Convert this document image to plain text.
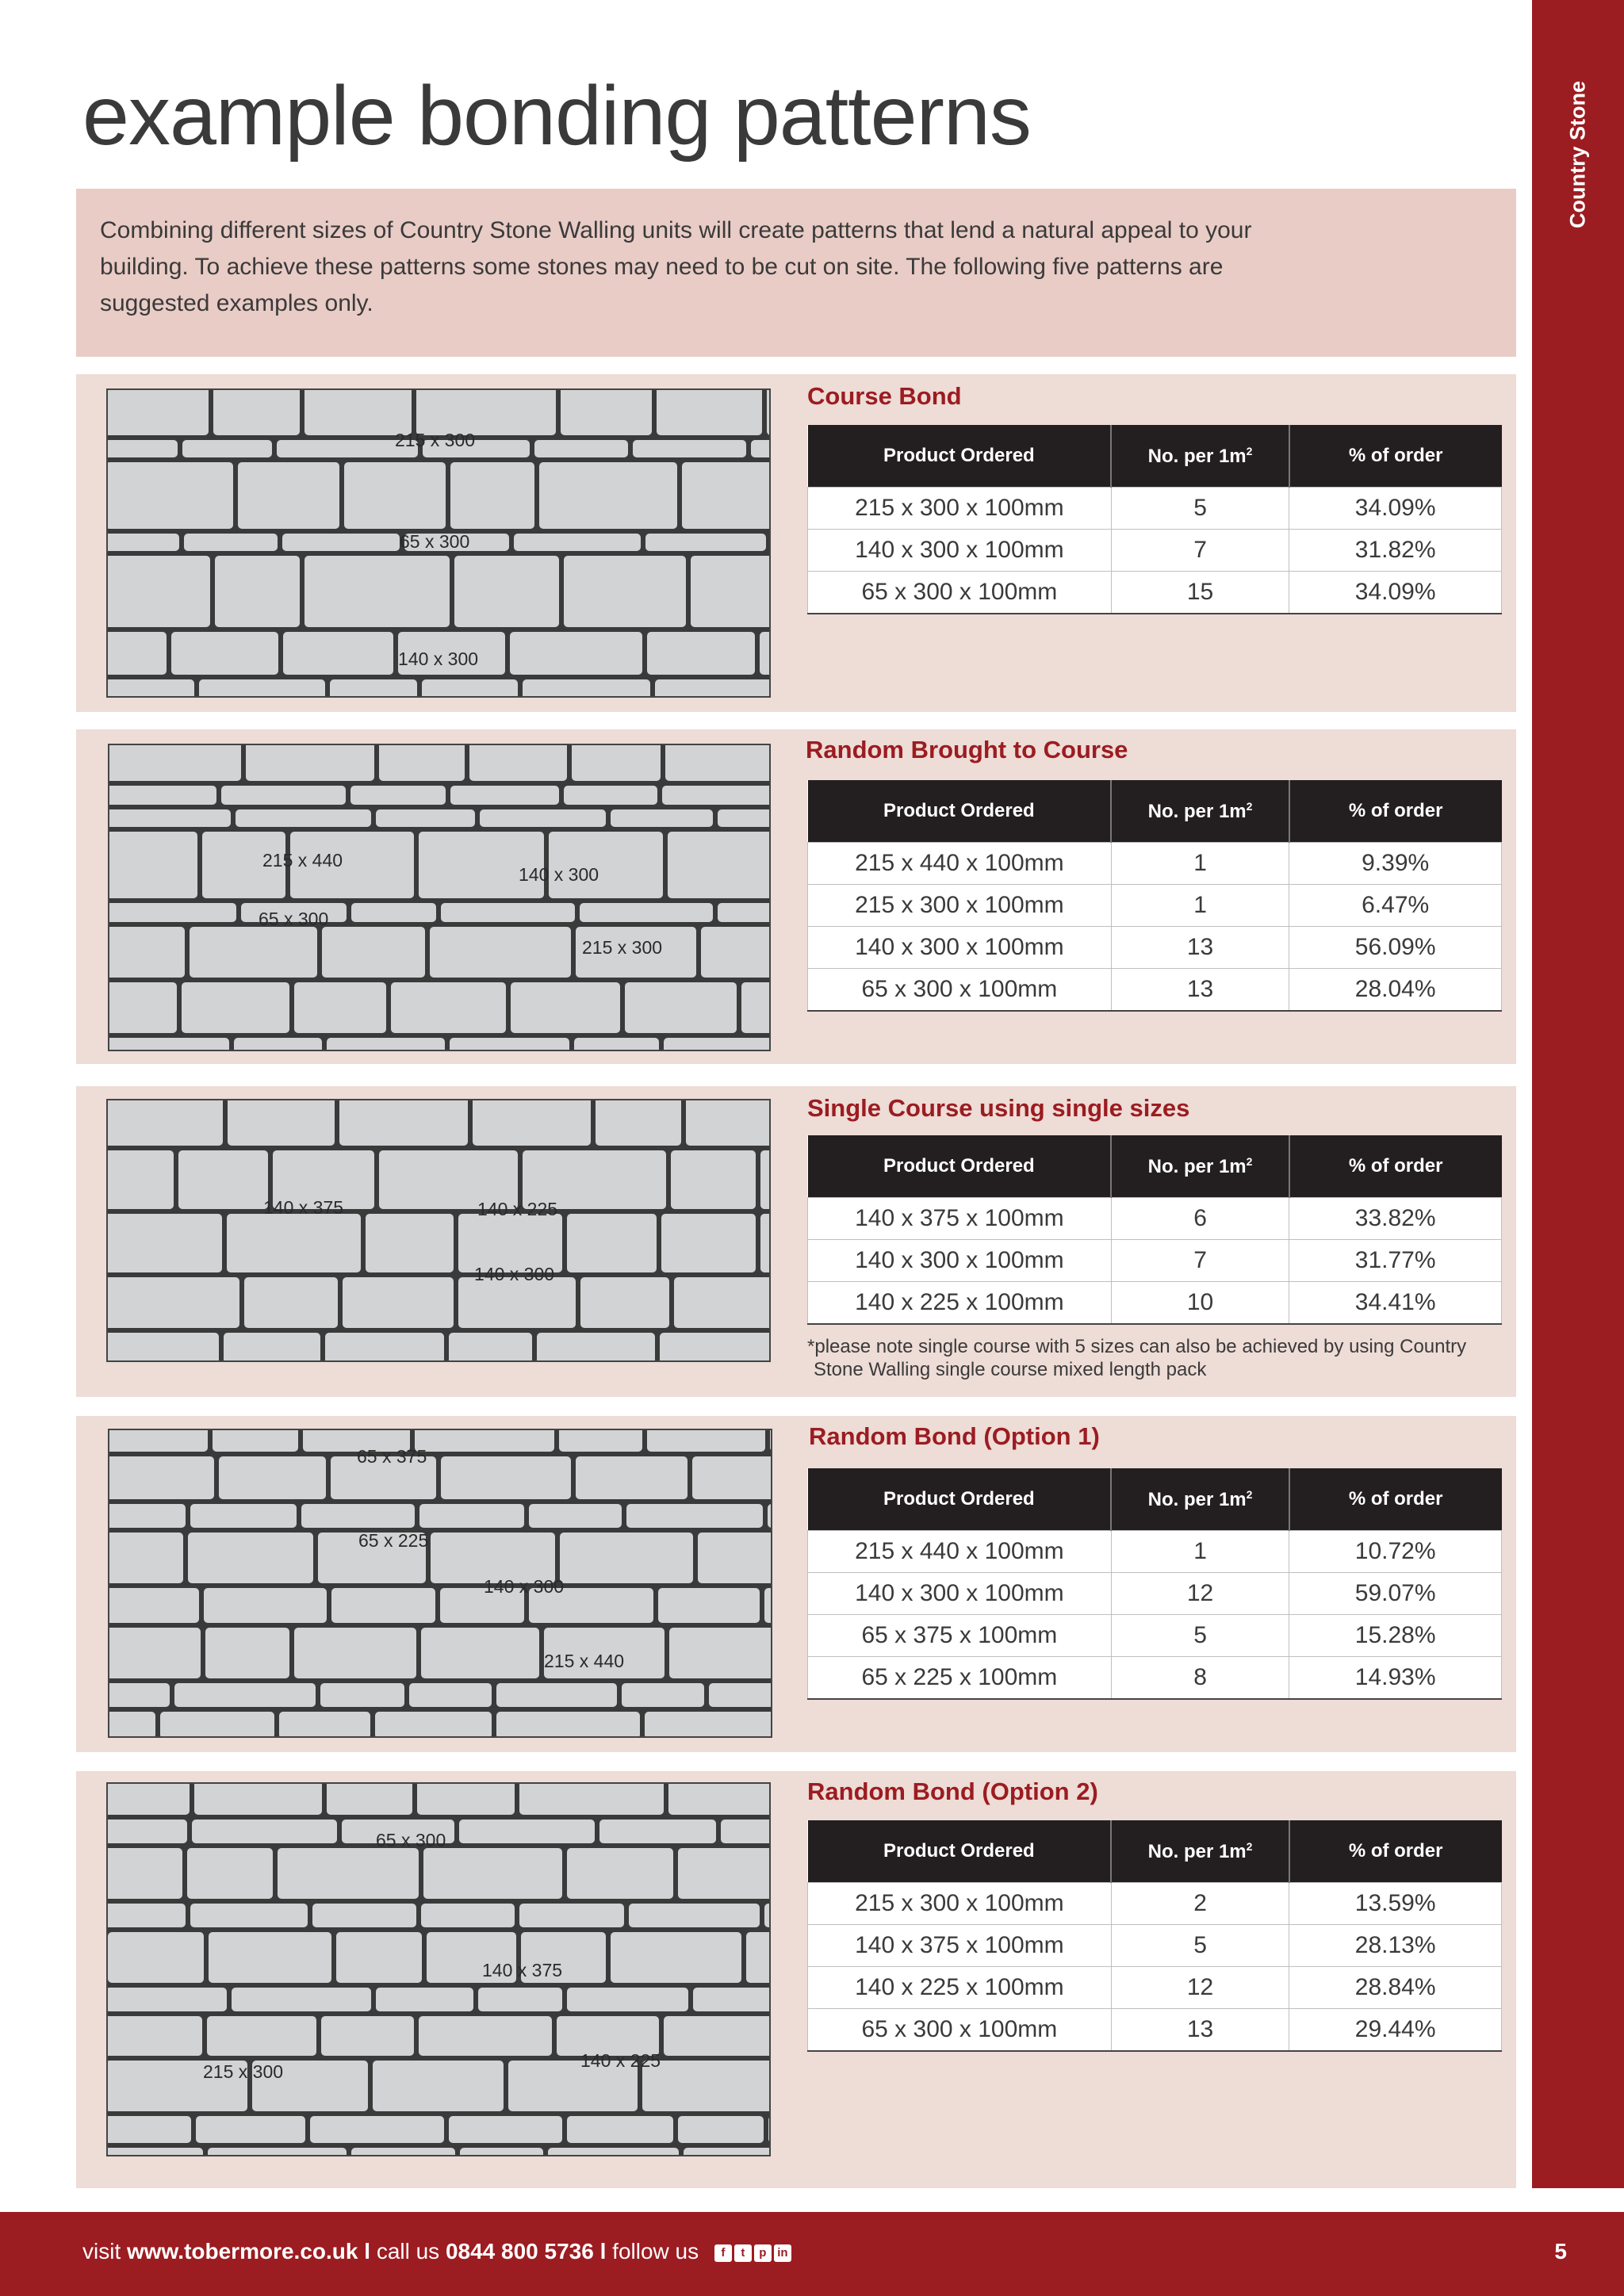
Country Stone
example bonding patterns

Combining different sizes of Country Stone Walling units will create patterns that lend a natural appeal to your building. To achieve these patterns some stones may need to be cut on site. The following five patterns are suggested examples only.

215 x 300
65 x 300
140 x 300
Course Bond
Product Ordered	No. per $1m^2$	% of order
215 x 300 x 100mm	5	34.09%
140 x 300 x 100mm	7	31.82%
65 x 300 x 100mm	15	34.09%
215 x 440
140 x 300
65 x 300
215 x 300
Random Brought to Course
Product Ordered	No. per $1m^2$	% of order
215 x 440 x 100mm	1	9.39%
215 x 300 x 100mm	1	6.47%
140 x 300 x 100mm	13	56.09%
65 x 300 x 100mm	13	28.04%
140 x 375	140 x 225
140 x 300
Single Course using single sizes
Product Ordered	No. per $1m^2$	% of order
140 x 375 x 100mm	6	33.82%
140 x 300 x 100mm	7	31.77%
140 x 225 x 100mm	10	34.41%

*please note single course with 5 sizes can also be achieved by using Country
Stone Walling single course mixed length pack

65 x 375
65 x 225
140 x 300
215 x 440
Random Bond (Option 1)
Product Ordered	No. per $1m^2$	% of order
215 x 440 x 100mm	1	10.72%
140 x 300 x 100mm	12	59.07%
65 x 375 x 100mm	5	15.28%
65 x 225 x 100mm	8	14.93%
65 x 300
140 x 375
140 x 225
215 x 300
Random Bond (Option 2)
Product Ordered	No. per $1m^2$	% of order
215 x 300 x 100mm	2	13.59%
140 x 375 x 100mm	5	28.13%
140 x 225 x 100mm	12	28.84%
65 x 300 x 100mm	13	29.44%
visit www.tobermore.co.uk l call us 0844 800 5736 l follow us	f	t	p in	5
